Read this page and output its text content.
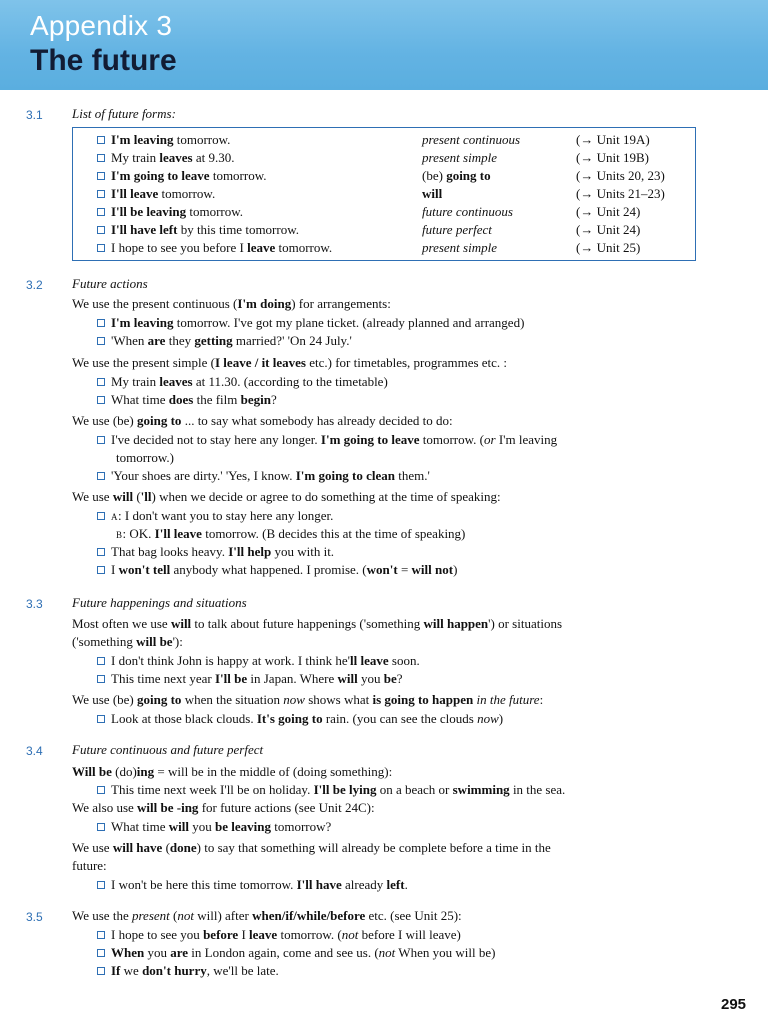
Appendix 3
The future
3.1 List of future forms:
I'm leaving tomorrow.	present continuous	(→ Unit 19A)
My train leaves at 9.30.	present simple	(→ Unit 19B)
I'm going to leave tomorrow.	(be) going to	(→ Units 20, 23)
I'll leave tomorrow.	will	(→ Units 21–23)
I'll be leaving tomorrow.	future continuous	(→ Unit 24)
I'll have left by this time tomorrow.	future perfect	(→ Unit 24)
I hope to see you before I leave tomorrow.	present simple	(→ Unit 25)
3.2 Future actions
We use the present continuous (I'm doing) for arrangements:
I'm leaving tomorrow. I've got my plane ticket. (already planned and arranged)
'When are they getting married?' 'On 24 July.'
We use the present simple (I leave / it leaves etc.) for timetables, programmes etc. :
My train leaves at 11.30. (according to the timetable)
What time does the film begin?
We use (be) going to ... to say what somebody has already decided to do:
I've decided not to stay here any longer. I'm going to leave tomorrow. (or I'm leaving
tomorrow.)
'Your shoes are dirty.' 'Yes, I know. I'm going to clean them.'
We use will ('ll) when we decide or agree to do something at the time of speaking:
A: I don't want you to stay here any longer.
B: OK. I'll leave tomorrow. (B decides this at the time of speaking)
That bag looks heavy. I'll help you with it.
I won't tell anybody what happened. I promise. (won't = will not)
3.3 Future happenings and situations
Most often we use will to talk about future happenings ('something will happen') or situations
('something will be'):
I don't think John is happy at work. I think he'll leave soon.
This time next year I'll be in Japan. Where will you be?
We use (be) going to when the situation now shows what is going to happen in the future:
Look at those black clouds. It's going to rain. (you can see the clouds now)
3.4 Future continuous and future perfect
Will be (do)ing = will be in the middle of (doing something):
This time next week I'll be on holiday. I'll be lying on a beach or swimming in the sea.
We also use will be -ing for future actions (see Unit 24C):
What time will you be leaving tomorrow?
We use will have (done) to say that something will already be complete before a time in the
future:
I won't be here this time tomorrow. I'll have already left.
3.5 We use the present (not will) after when/if/while/before etc. (see Unit 25):
I hope to see you before I leave tomorrow. (not before I will leave)
When you are in London again, come and see us. (not When you will be)
If we don't hurry, we'll be late.
295
